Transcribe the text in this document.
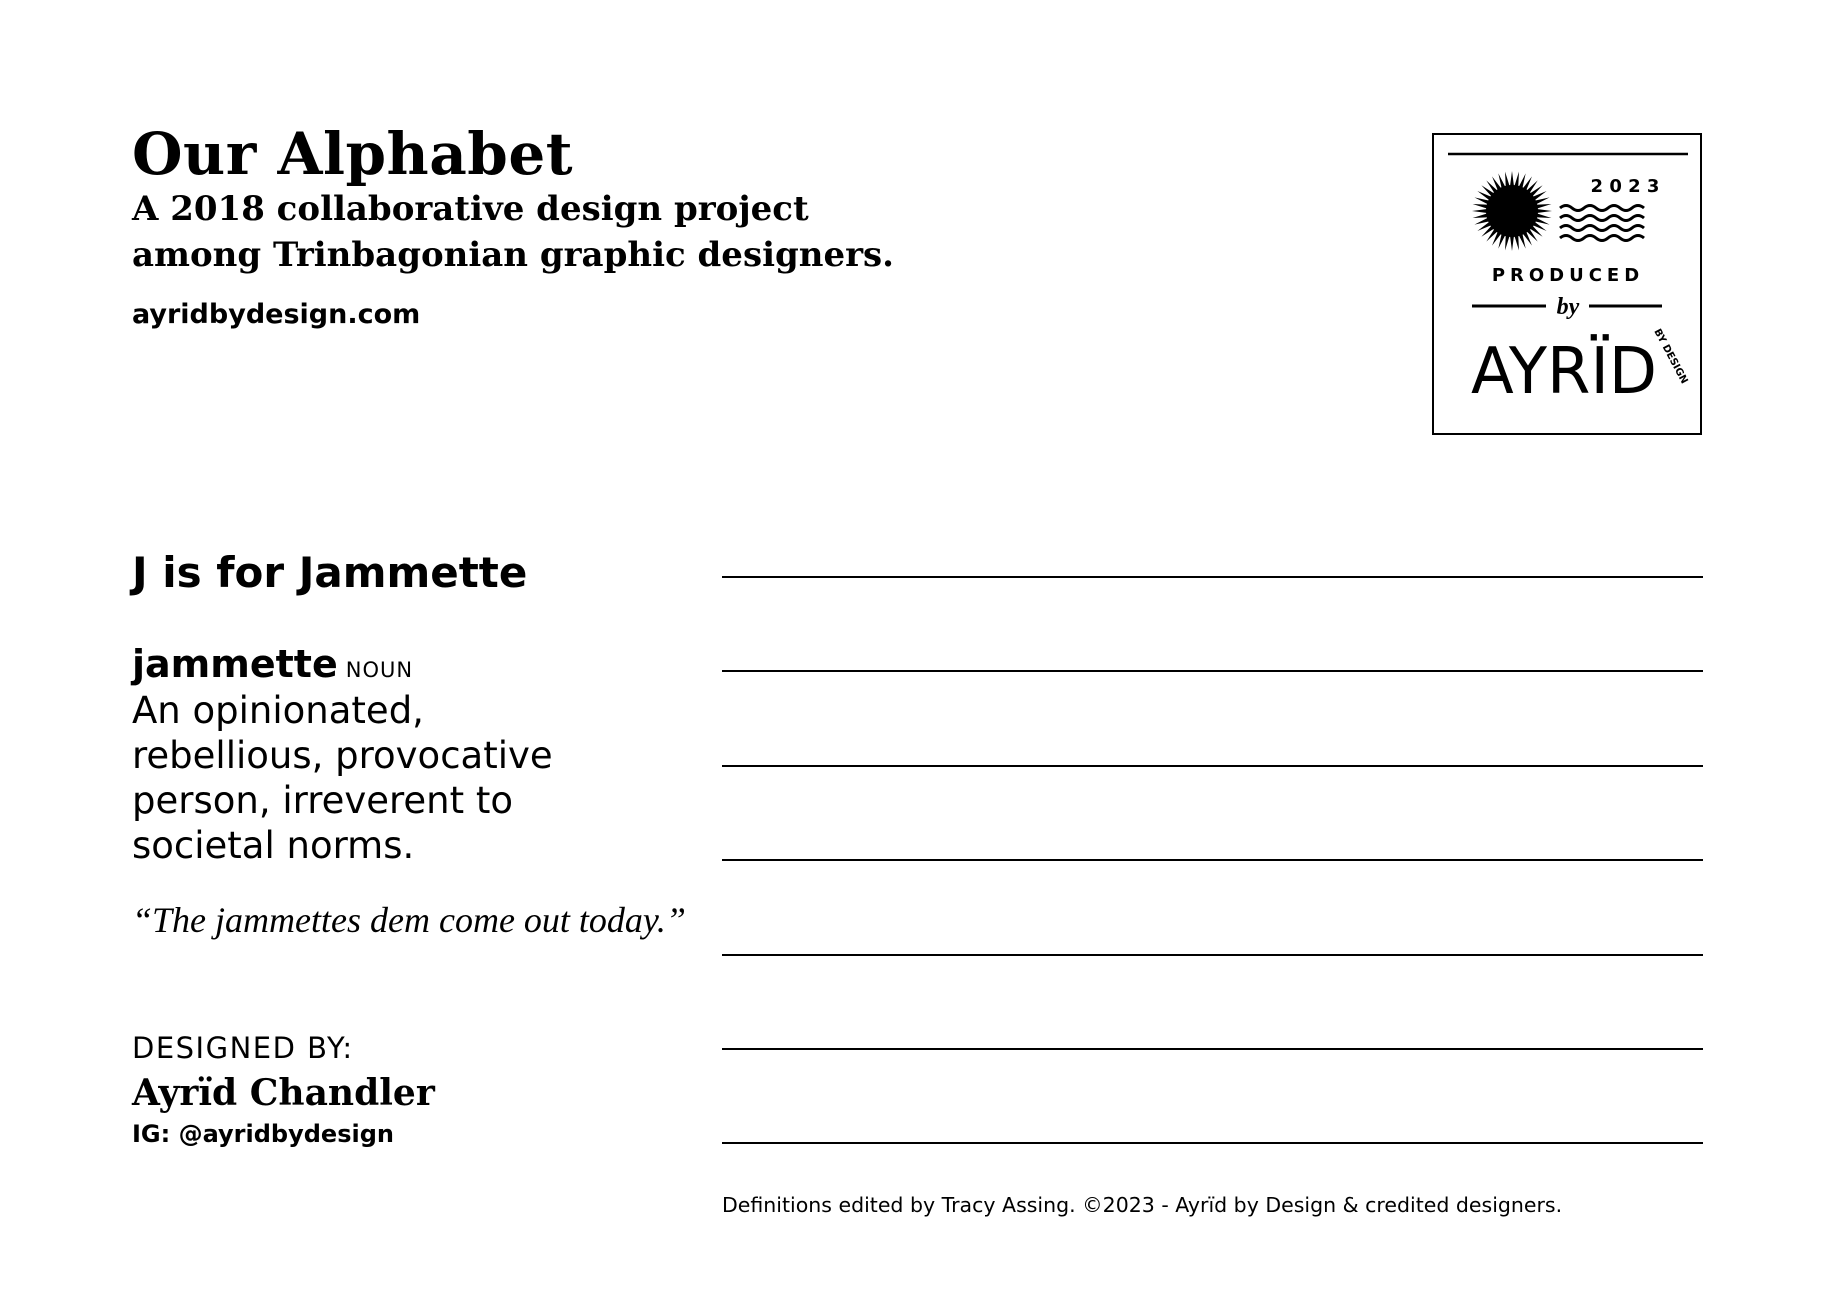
Our Alphabet
A 2018 collaborative design project
among Trinbagonian graphic designers.
ayridbydesign.com
2 0 2 3
PRODUCED
by
AYRÏD
BY DESIGN
J is for Jammette
jammette NOUN
An opinionated,
rebellious, provocative
person, irreverent to
societal norms.
“The jammettes dem come out today.”
DESIGNED BY:
Ayrïd Chandler
IG: @ayridbydesign
Definitions edited by Tracy Assing. ©2023 - Ayrïd by Design & credited designers.
